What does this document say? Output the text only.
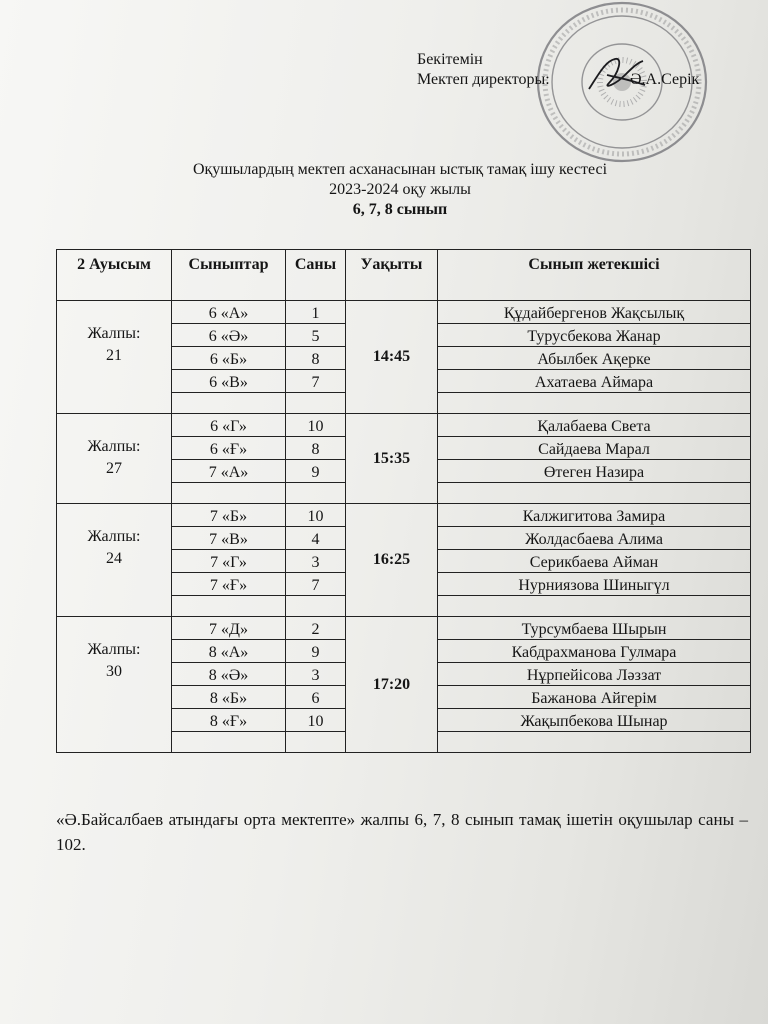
Бекітемін
Мектеп директоры:	Ә.А.Серік
Оқушылардың мектеп асханасынан ыстық тамақ ішу кестесі
2023-2024 оқу жылы
6, 7, 8 сынып
2 Ауысым	Сыныптар	Саны	Уақыты	Сынып жетекшісі
Жалпы:
21	6 «А»	1	14:45	Құдайбергенов Жақсылық
	6 «Ә»	5		Турусбекова Жанар
	6 «Б»	8		Абылбек Ақерке
	6 «В»	7		Ахатаева Аймара

Жалпы:
27	6 «Г»	10	15:35	Қалабаева Света
	6 «Ғ»	8		Сайдаева Марал
	7 «А»	9		Өтеген Назира

Жалпы:
24	7 «Б»	10	16:25	Калжигитова Замира
	7 «В»	4		Жолдасбаева Алима
	7 «Г»	3		Серикбаева Айман
	7 «Ғ»	7		Нурниязова Шиныгүл

Жалпы:
30	7 «Д»	2	17:20	Турсумбаева Шырын
	8 «А»	9		Кабдрахманова Гулмара
	8 «Ә»	3		Нұрпейісова Ләззат
	8 «Б»	6		Бажанова Айгерім
	8 «Ғ»	10		Жақыпбекова Шынар

«Ә.Байсалбаев атындағы орта мектепте» жалпы 6, 7, 8 сынып тамақ ішетін оқушылар саны – 102.
